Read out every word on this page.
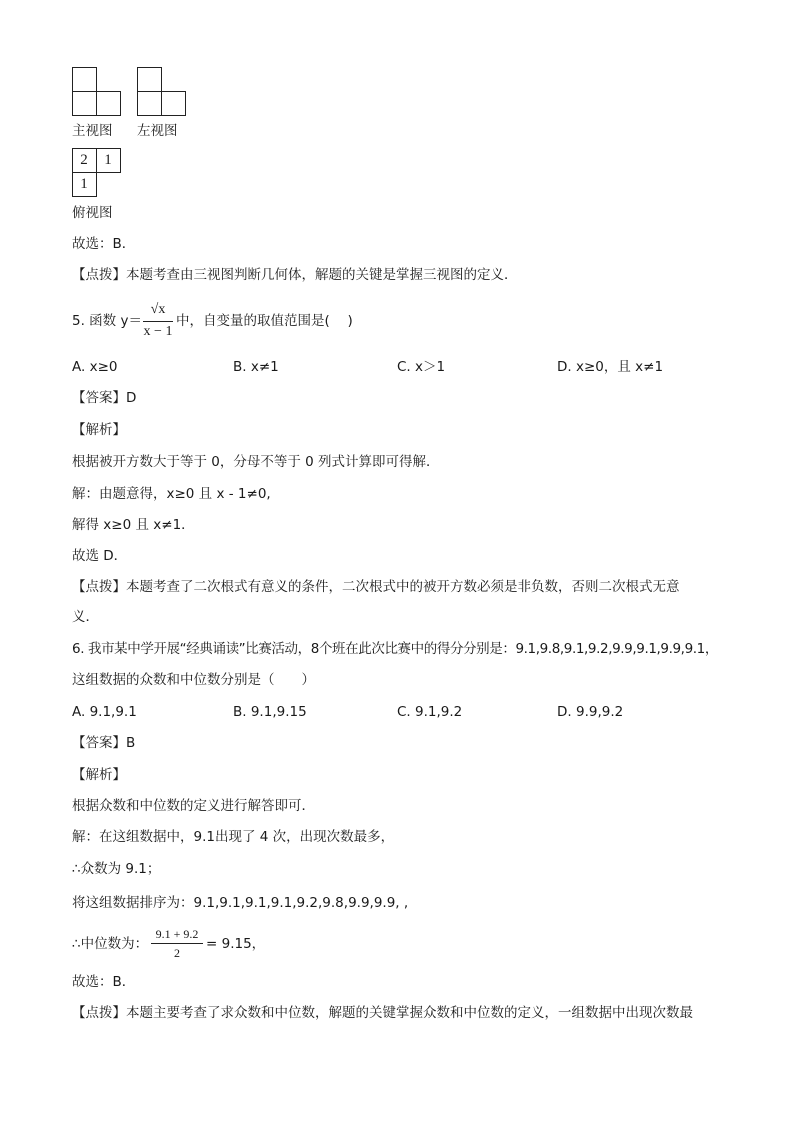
主视图 左视图
2	1
1
俯视图
故选：B．
【点拨】本题考查由三视图判断几何体，解题的关键是掌握三视图的定义．
5. 函数 y＝
√x
x − 1
中，自变量的取值范围是(　 )
A. x≥0	B. x≠1	C. x＞1	D. x≥0，且 x≠1
【答案】D
【解析】
根据被开方数大于等于 0，分母不等于 0 列式计算即可得解．
解：由题意得，x≥0 且 x - 1≠0,
解得 x≥0 且 x≠1．
故选 D．
【点拨】本题考查了二次根式有意义的条件，二次根式中的被开方数必须是非负数，否则二次根式无意
义．
6. 我市某中学开展“经典诵读”比赛活动，8个班在此次比赛中的得分分别是：9.1,9.8,9.1,9.2,9.9,9.1,9.9,9.1，
这组数据的众数和中位数分别是（　　）
A. 9.1,9.1	B. 9.1,9.15	C. 9.1,9.2	D. 9.9,9.2
【答案】B
【解析】
根据众数和中位数的定义进行解答即可．
解：在这组数据中，9.1出现了 4 次，出现次数最多，
∴众数为 9.1；
将这组数据排序为：9.1,9.1,9.1,9.1,9.2,9.8,9.9,9.9, ,
∴中位数为：
9.1 + 9.2
2
= 9.15，
故选：B．
【点拨】本题主要考查了求众数和中位数，解题的关键掌握众数和中位数的定义，一组数据中出现次数最
